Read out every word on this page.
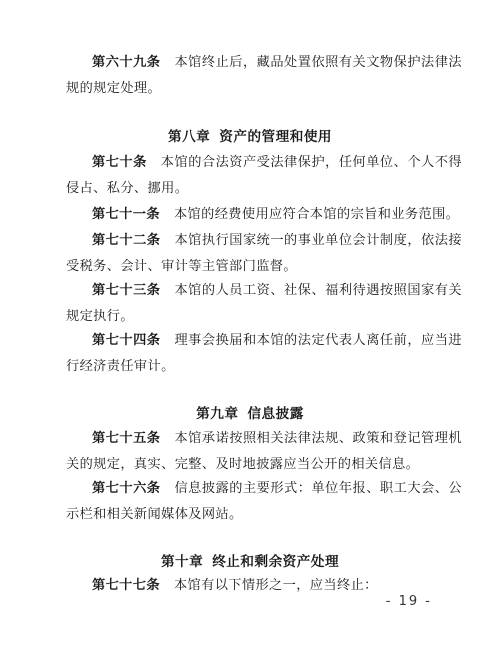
第六十九条 本馆终止后，藏品处置依照有关文物保护法律法规的规定处理。

第八章 资产的管理和使用

第七十条 本馆的合法资产受法律保护，任何单位、个人不得侵占、私分、挪用。

第七十一条 本馆的经费使用应符合本馆的宗旨和业务范围。

第七十二条 本馆执行国家统一的事业单位会计制度，依法接受税务、会计、审计等主管部门监督。

第七十三条 本馆的人员工资、社保、福利待遇按照国家有关规定执行。

第七十四条 理事会换届和本馆的法定代表人离任前，应当进行经济责任审计。

第九章 信息披露

第七十五条 本馆承诺按照相关法律法规、政策和登记管理机关的规定，真实、完整、及时地披露应当公开的相关信息。

第七十六条 信息披露的主要形式：单位年报、职工大会、公示栏和相关新闻媒体及网站。

第十章 终止和剩余资产处理

第七十七条 本馆有以下情形之一，应当终止：

- 19 -
